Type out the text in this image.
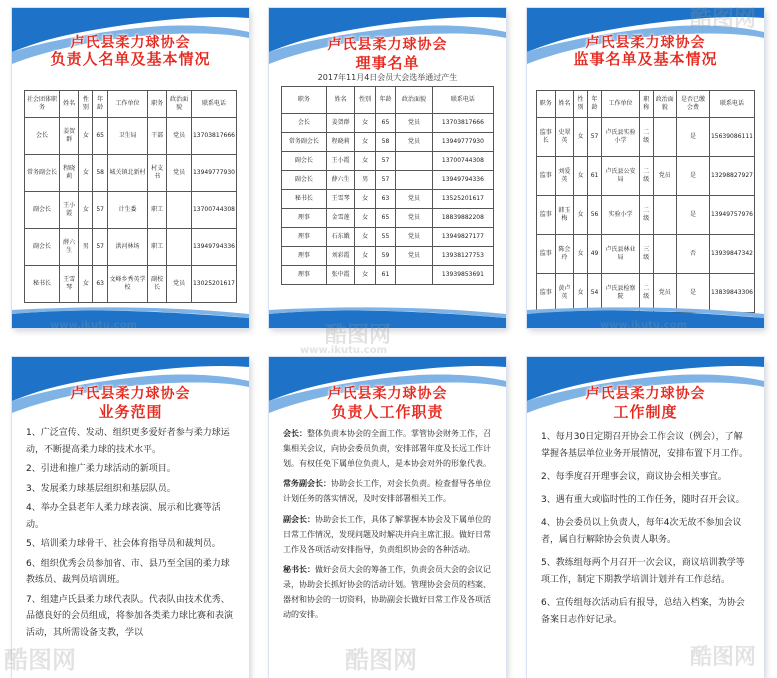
卢氏县柔力球协会
负责人名单及基本情况
社会团体职务	姓名	性别	年龄	工作单位	职务	政治面貌	联系电话
会长	姜贺群	女	65	卫生局	干部	党员	13703817666
常务副会长	程晓莉	女	58	城关镇北新村	村支书	党员	13949777930
副会长	王小霞	女	57	计生委	职工		13700744308
副会长	薛六生	男	57	洪河林场	职工		13949794336
秘书长	王雪琴	女	63	文峰乡秀英学校	副校长	党员	13025201617
卢氏县柔力球协会
理事名单
2017年11月4日会员大会选举通过产生
职务	姓名	性别	年龄	政治面貌	联系电话
会长	姜贺群	女	65	党员	13703817666
常务副会长	程晓莉	女	58	党员	13949777930
副会长	王小霞	女	57		13700744308
副会长	薛六生	男	57		13949794336
秘书长	王雪琴	女	63	党员	13525201617
理事	金雪莲	女	65	党员	18839882208
理事	石东娥	女	55	党员	13949827177
理事	刘彩霞	女	59	党员	13938127753
理事	张中霞	女	61		13939853691
卢氏县柔力球协会
监事名单及基本情况
职务	姓名	性别	年龄	工作单位	职称	政治面貌	是否已缴会费	联系电话
监事长	史翠英	女	57	卢氏县实验小学	二级		是	15639086111
监事	刘爱英	女	61	卢氏县公安局	二级	党员	是	13298827927
监事	韩玉梅	女	56	实验小学	二级		是	13949757976
监事	陈会玲	女	49	卢氏县林业局	三级		否	13939847342
监事	黄卢英	女	54	卢氏县检察院	二级	党员	是	13839843306
卢氏县柔力球协会
业务范围

1、广泛宣传、发动、组织更多爱好者参与柔力球运动，不断提高柔力球的技术水平。

2、引进和推广柔力球活动的新项目。

3、发展柔力球基层组织和基层队员。

4、举办全县老年人柔力球表演、展示和比赛等活动。

5、培训柔力球骨干、社会体育指导员和裁判员。

6、组织优秀会员参加省、市、县乃至全国的柔力球教练员、裁判员培训班。

7、组建卢氏县柔力球代表队。代表队由技术优秀、品德良好的会员组成，将参加各类柔力球比赛和表演活动，其所需设备支教，学以

卢氏县柔力球协会
负责人工作职责

会长：整体负责本协会的全面工作。掌管协会财务工作，召集相关会议，向协会委员负责，安排部署年度及长远工作计划。有权任免下属单位负责人，是本协会对外的形象代表。

常务副会长：协助会长工作，对会长负责。检查督导各单位计划任务的落实情况，及时安排部署相关工作。

副会长：协助会长工作，具体了解掌握本协会及下属单位的日常工作情况，发现问题及时解决并向主席汇报。做好日常工作及各项活动安排指导，负责组织协会的各种活动。

秘书长：做好会员大会的筹备工作，负责会员大会的会议记录，协助会长抓好协会的活动计划。管理协会会员的档案、器材和协会的一切资料，协助副会长做好日常工作及各项活动的安排。

卢氏县柔力球协会
工作制度

1、每月30日定期召开协会工作会议（例会），了解掌握各基层单位业务开展情况，安排布置下月工作。

2、每季度召开理事会议，商议协会相关事宜。

3、遇有重大或临时性的工作任务，随时召开会议。

4、协会委员以上负责人，每年4次无故不参加会议者，属自行解除协会负责人职务。

5、教练组每两个月召开一次会议，商议培训教学等项工作，制定下期教学培训计划并有工作总结。

6、宣传组每次活动后有报导，总结入档案，为协会备案日志作好记录。

酷图网
酷图网
www.ikutu.com
www.ikutu.com	www.ikutu.com
酷图网	酷图网	酷图网
